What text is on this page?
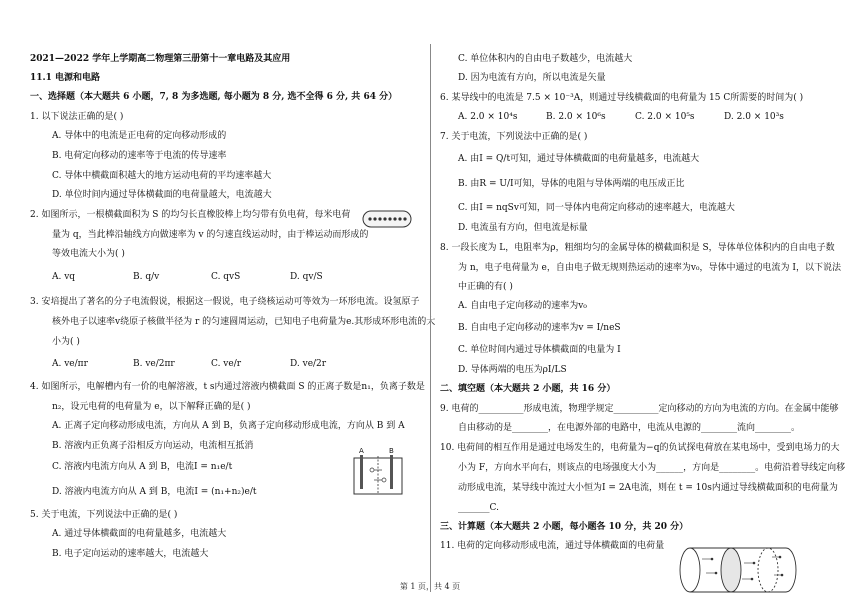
2021—2022 学年上学期高二物理第三册第十一章电路及其应用
11.1 电源和电路
一、选择题（本大题共 6 小题，7, 8 为多选题, 每小题为 8 分, 选不全得 6 分, 共 64 分）
1. 以下说法正确的是( )
A. 导体中的电流是正电荷的定向移动形成的
B. 电荷定向移动的速率等于电流的传导速率
C. 导体中横截面积越大的地方运动电荷的平均速率越大
D. 单位时间内通过导体横截面的电荷量越大，电流越大
2. 如图所示，一根横截面积为 S 的均匀长直橡胶棒上均匀带有负电荷，每米电荷
量为 q，当此棒沿轴线方向做速率为 v 的匀速直线运动时，由于棒运动而形成的
等效电流大小为( )
A. vq	B. q/v	C. qvS	D. qv/S
3. 安培提出了著名的分子电流假说，根据这一假说，电子绕核运动可等效为一环形电流。设氢原子
核外电子以速率v绕原子核做半径为 r 的匀速圆周运动，已知电子电荷量为e.其形成环形电流的大
小为( )
A. ve/πr	B. ve/2πr	C. ve/r	D. ve/2r
4. 如图所示，电解槽内有一价的电解溶液，t s内通过溶液内横截面 S 的正离子数是n₁，负离子数是
n₂，设元电荷的电荷量为 e，以下解释正确的是( )
A. 正离子定向移动形成电流，方向从 A 到 B，负离子定向移动形成电流，方向从 B 到 A
B. 溶液内正负离子沿相反方向运动，电流相互抵消
C. 溶液内电流方向从 A 到 B，电流I = n₁e/t
D. 溶液内电流方向从 A 到 B，电流I = (n₁+n₂)e/t
5. 关于电流，下列说法中正确的是( )
A. 通过导体横截面的电荷量越多，电流越大
B. 电子定向运动的速率越大，电流越大
A	B
C. 单位体积内的自由电子数越少，电流越大
D. 因为电流有方向，所以电流是矢量
6. 某导线中的电流是 7.5 × 10⁻³A，则通过导线横截面的电荷量为 15 C所需要的时间为( )
A. 2.0 × 10⁴s	B. 2.0 × 10⁶s	C. 2.0 × 10⁵s	D. 2.0 × 10³s
7. 关于电流，下列说法中正确的是( )
A. 由I = Q/t可知，通过导体横截面的电荷量越多，电流越大
B. 由R = U/I可知，导体的电阻与导体两端的电压成正比
C. 由I = nqSv可知，同一导体内电荷定向移动的速率越大，电流越大
D. 电流虽有方向，但电流是标量
8. 一段长度为 L，电阻率为ρ，粗细均匀的金属导体的横截面积是 S，导体单位体积内的自由电子数
为 n，电子电荷量为 e，自由电子做无规则热运动的速率为v₀，导体中通过的电流为 I，以下说法
中正确的有( )
A. 自由电子定向移动的速率为v₀
B. 自由电子定向移动的速率为v = I/neS
C. 单位时间内通过导体横截面的电量为 I
D. 导体两端的电压为ρI/LS
二、填空题（本大题共 2 小题，共 16 分）
9. 电荷的__________形成电流，物理学规定__________定向移动的方向为电流的方向。在金属中能够
自由移动的是________，在电源外部的电路中，电流从电源的________流向________。
10. 电荷间的相互作用是通过电场发生的，电荷量为−q的负试探电荷放在某电场中，受到电场力的大
小为 F，方向水平向右，则该点的电场强度大小为______，方向是________。电荷沿着导线定向移
动形成电流，某导线中流过大小恒为I = 2A电流，则在 t = 10s内通过导线横截面积的电荷量为
_______C.
三、计算题（本大题共 2 小题，每小题各 10 分，共 20 分）
11. 电荷的定向移动形成电流，通过导体横截面的电荷量
第 1 页，共 4 页
